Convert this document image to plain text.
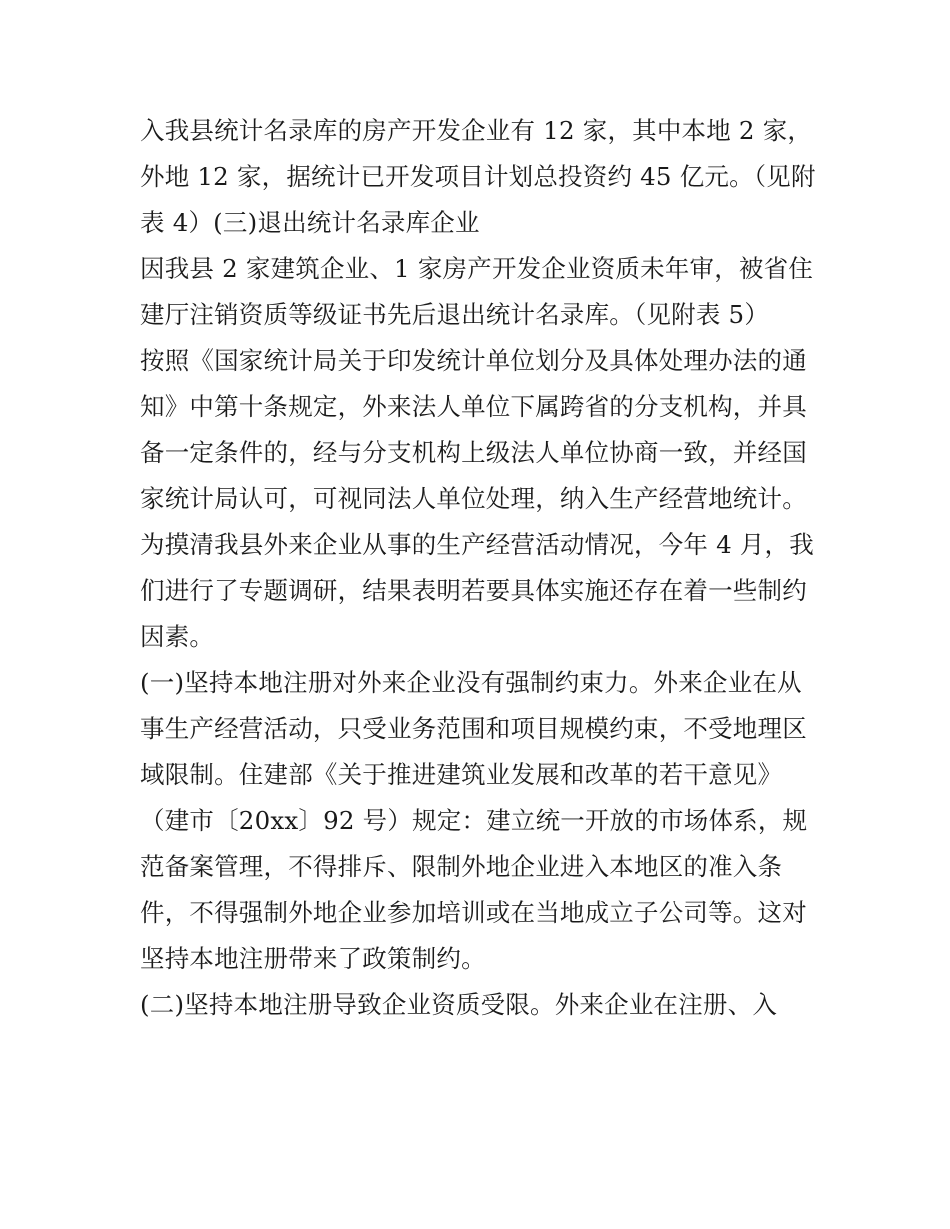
入我县统计名录库的房产开发企业有 12 家，其中本地 2 家，
外地 12 家，据统计已开发项目计划总投资约 45 亿元。（见附
表 4）(三)退出统计名录库企业
因我县 2 家建筑企业、1 家房产开发企业资质未年审，被省住
建厅注销资质等级证书先后退出统计名录库。（见附表 5）
按照《国家统计局关于印发统计单位划分及具体处理办法的通
知》中第十条规定，外来法人单位下属跨省的分支机构，并具
备一定条件的，经与分支机构上级法人单位协商一致，并经国
家统计局认可，可视同法人单位处理，纳入生产经营地统计。
为摸清我县外来企业从事的生产经营活动情况，今年 4 月，我
们进行了专题调研，结果表明若要具体实施还存在着一些制约
因素。
(一)坚持本地注册对外来企业没有强制约束力。外来企业在从
事生产经营活动，只受业务范围和项目规模约束，不受地理区
域限制。住建部《关于推进建筑业发展和改革的若干意见》
（建市〔20xx〕92 号）规定：建立统一开放的市场体系，规
范备案管理，不得排斥、限制外地企业进入本地区的准入条
件，不得强制外地企业参加培训或在当地成立子公司等。这对
坚持本地注册带来了政策制约。
(二)坚持本地注册导致企业资质受限。外来企业在注册、入
